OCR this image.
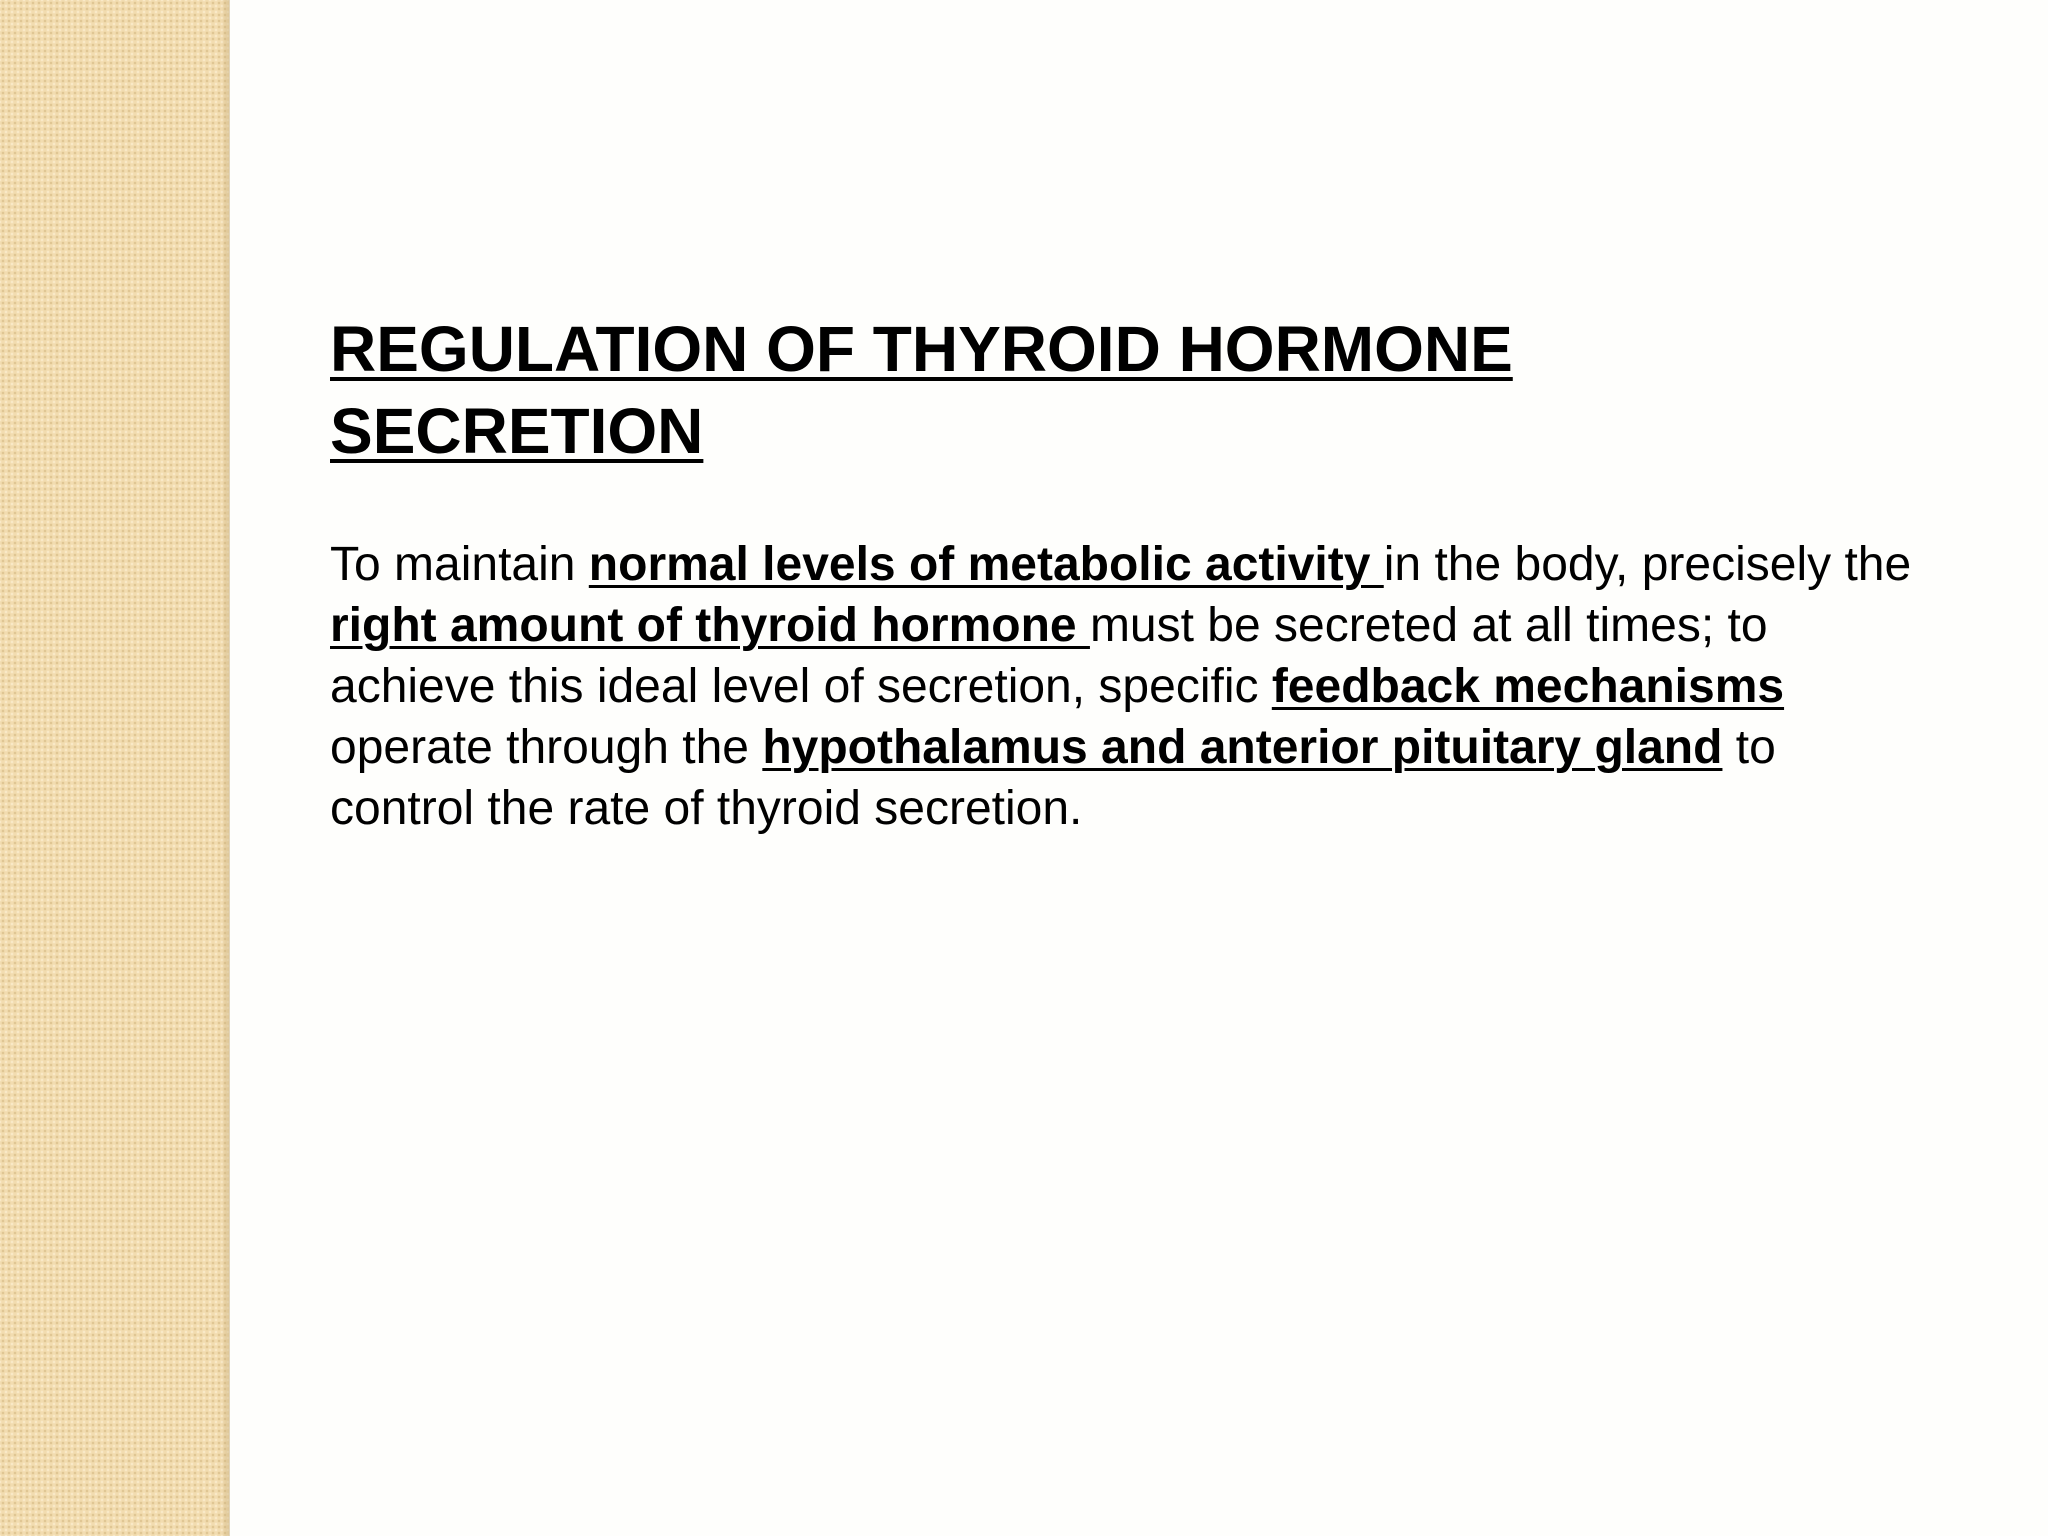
REGULATION OF THYROID HORMONE
SECRETION

To maintain normal levels of metabolic activity in the body, precisely the right amount of thyroid hormone must be secreted at all times; to achieve this ideal level of secretion, specific feedback mechanisms operate through the hypothalamus and anterior pituitary gland to control the rate of thyroid secretion.
